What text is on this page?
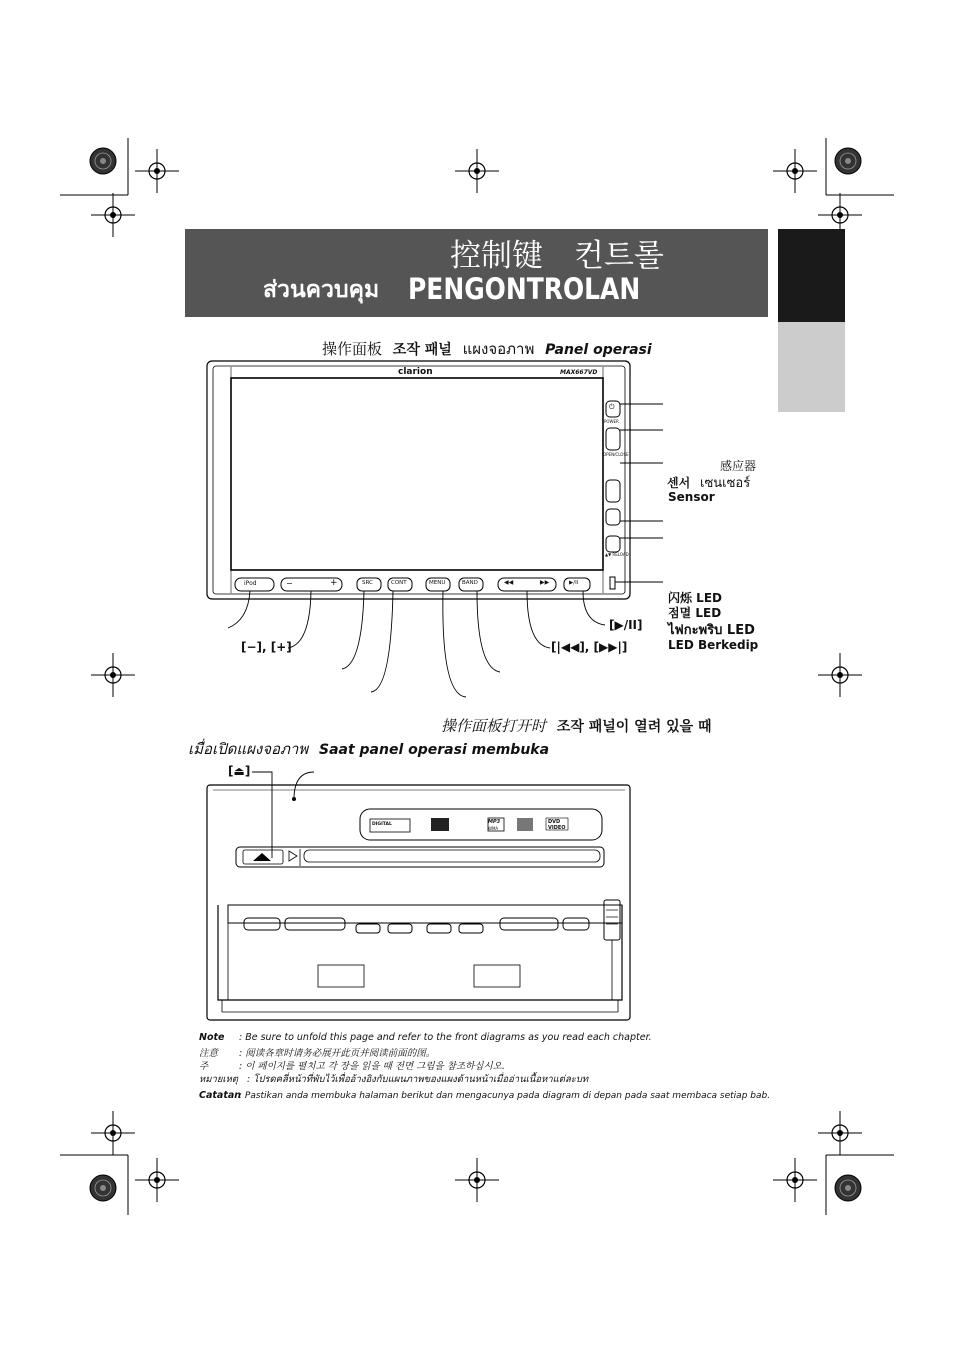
控制键　컨트롤
ส่วนควบคุม PENGONTROLAN
操作面板 조작 패널 แผงจอภาพ Panel operasi
clarion	MAX667VD
iPod	−	+	SRC	CONT	MENU	BAND	◀◀	▶▶	▶/II
⏻
POWER
OPEN/CLOSE
▲▼ RELOAD
感应器
센서 เซนเซอร์
Sensor
闪烁 LED
점멸 LED
ไฟกะพริบ LED
LED Berkedip
[−], [+]
[▶/II]
[|◀◀], [▶▶|]
操作面板打开时 조작 패널이 열려 있을 때
เมื่อเปิดแผงจอภาพ Saat panel operasi membuka
[⏏]
DIGITAL	MP3
WMA
DVD VIDEO
Note : Be sure to unfold this page and refer to the front diagrams as you read each chapter.
注意 : 阅读各章时请务必展开此页并阅读前面的图。
주	: 이 페이지를 펼치고 각 장을 읽을 때 전면 그림을 참조하십시오.
หมายเหตุ : โปรดคลี่หน้าที่พับไว้เพื่ออ้างอิงกับแผนภาพของแผงด้านหน้าเมื่ออ่านเนื้อหาแต่ละบท
Catatan: Pastikan anda membuka halaman berikut dan mengacunya pada diagram di depan pada saat membaca setiap bab.
